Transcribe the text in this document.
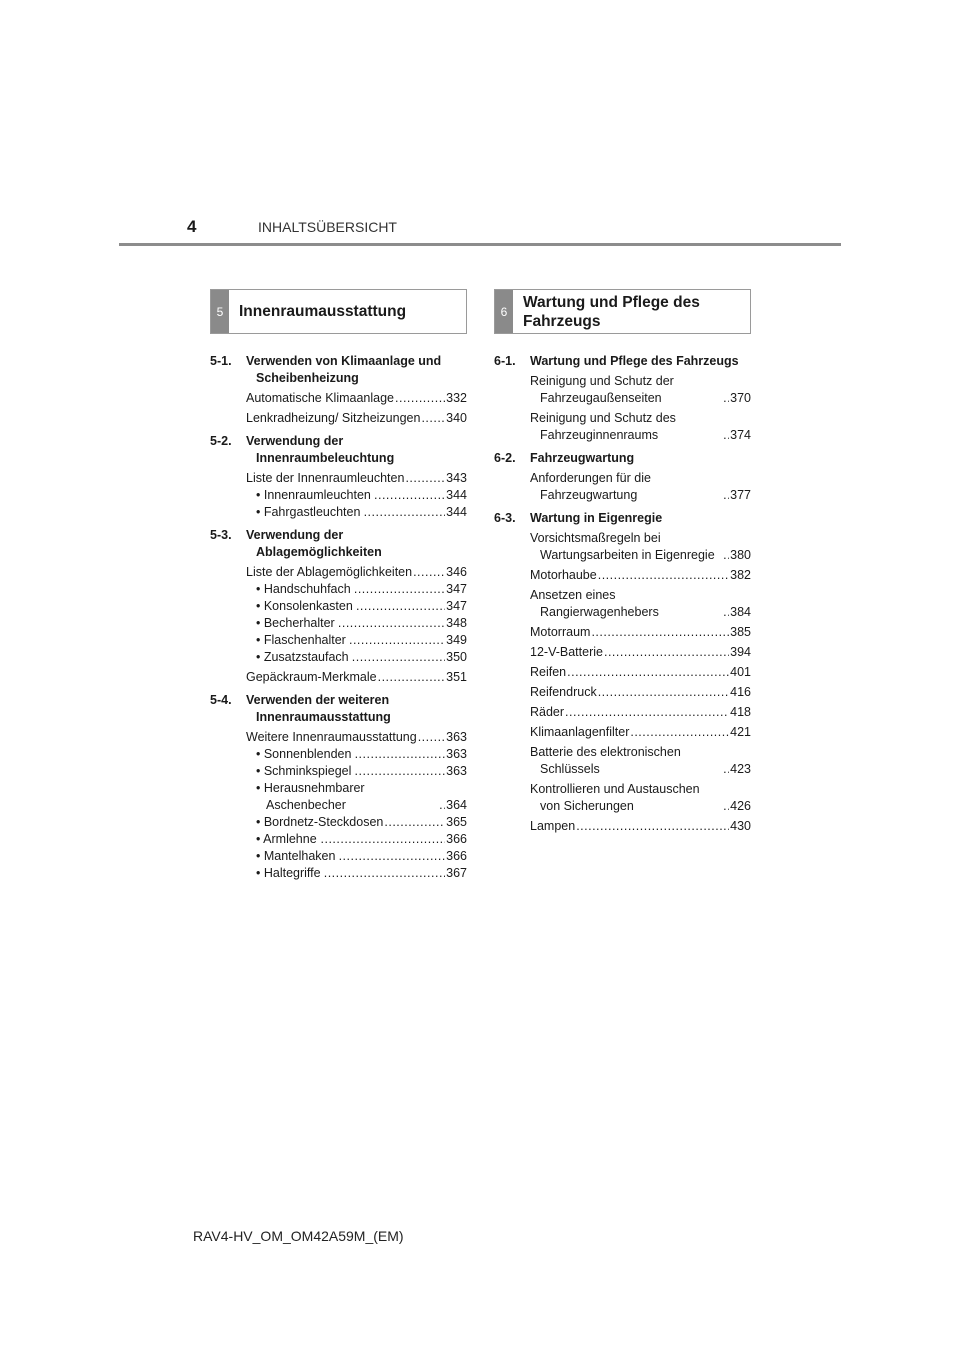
4	INHALTSÜBERSICHT
5	Innenraumausstattung
5-1.	Verwenden von Klimaanlage und Scheibenheizung
Automatische Klimaanlage .....	332
Lenkradheizung/ Sitzheizungen ..... 340
5-2.	Verwendung der Innenraumbeleuchtung
Liste der Innenraumleuchten .....	343
• Innenraumleuchten .....	344
• Fahrgastleuchten .....	344
5-3.	Verwendung der Ablagemöglichkeiten
Liste der Ablagemöglichkeiten .....	346
• Handschuhfach .....	347
• Konsolenkasten .....	347
• Becherhalter .....	348
• Flaschenhalter .....	349
• Zusatzstaufach .....	350
Gepäckraum-Merkmale .....	351
5-4.	Verwenden der weiteren Innenraumausstattung
Weitere Innenraumausstattung ..... 363
• Sonnenblenden .....	363
• Schminkspiegel .....	363
• Herausnehmbarer Aschenbecher .....	364
• Bordnetz-Steckdosen .....	365
• Armlehne .....	366
• Mantelhaken .....	366
• Haltegriffe .....	367
6
Wartung und Pflege des Fahrzeugs
6-1.	Wartung und Pflege des Fahrzeugs
Reinigung und Schutz der Fahrzeugaußenseiten .....	370
Reinigung und Schutz des Fahrzeuginnenraums .....	374
6-2.	Fahrzeugwartung
Anforderungen für die Fahrzeugwartung .....	377
6-3.	Wartung in Eigenregie
Vorsichtsmaßregeln bei Wartungsarbeiten in Eigenregie .....	380
Motorhaube .....	382
Ansetzen eines Rangierwagenhebers .....	384
Motorraum .....	385
12-V-Batterie .....	394
Reifen .....	401
Reifendruck .....	416
Räder .....	418
Klimaanlagenfilter .....	421
Batterie des elektronischen Schlüssels .....	423
Kontrollieren und Austauschen von Sicherungen .....	426
Lampen .....	430
RAV4-HV_OM_OM42A59M_(EM)
